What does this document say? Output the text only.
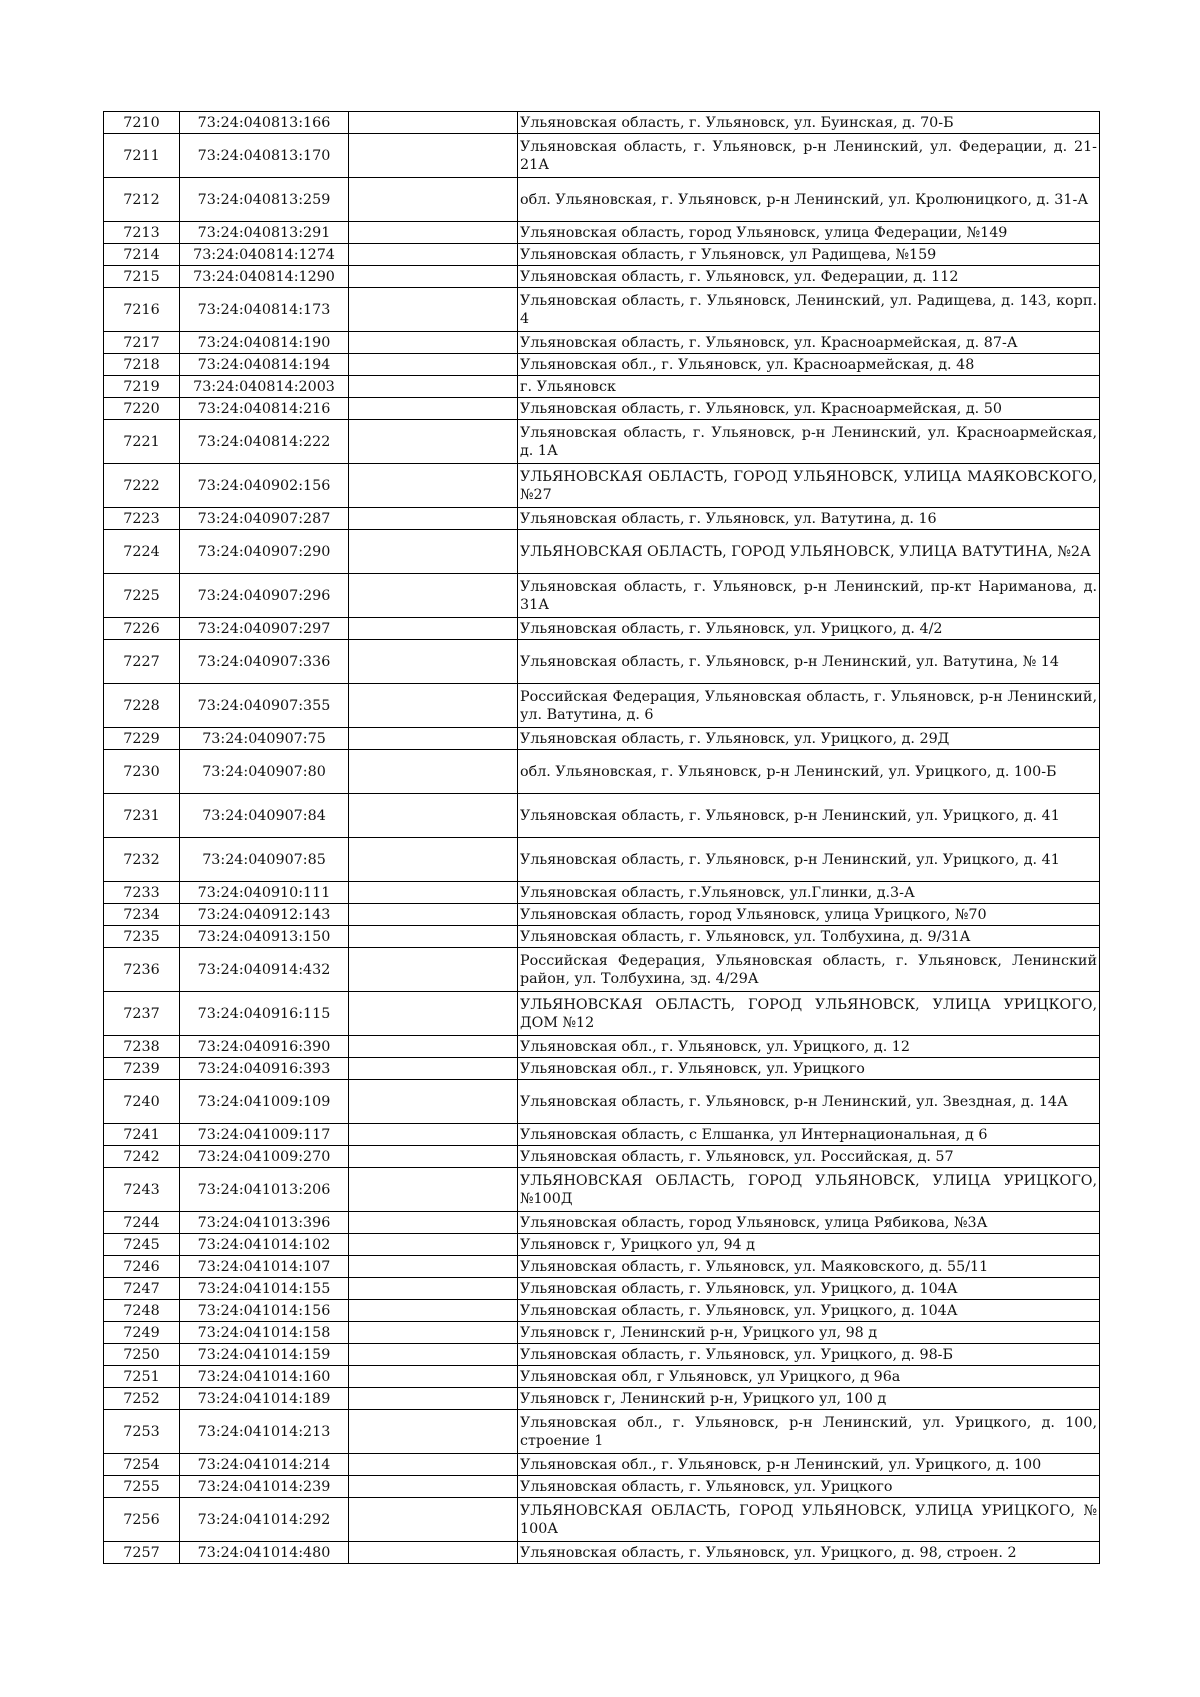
7210	73:24:040813:166		Ульяновская область, г. Ульяновск, ул. Буинская, д. 70-Б
7211	73:24:040813:170		Ульяновская область, г. Ульяновск, р-н Ленинский, ул. Федерации, д. 21-21А
7212	73:24:040813:259		обл. Ульяновская, г. Ульяновск, р-н Ленинский, ул. Кролюницкого, д. 31-А
7213	73:24:040813:291		Ульяновская область, город Ульяновск, улица Федерации, №149
7214	73:24:040814:1274		Ульяновская область, г Ульяновск, ул Радищева, №159
7215	73:24:040814:1290		Ульяновская область, г. Ульяновск, ул. Федерации, д. 112
7216	73:24:040814:173		Ульяновская область, г. Ульяновск, Ленинский, ул. Радищева, д. 143, корп. 4
7217	73:24:040814:190		Ульяновская область, г. Ульяновск, ул. Красноармейская, д. 87-А
7218	73:24:040814:194		Ульяновская обл., г. Ульяновск, ул. Красноармейская, д. 48
7219	73:24:040814:2003		г. Ульяновск
7220	73:24:040814:216		Ульяновская область, г. Ульяновск, ул. Красноармейская, д. 50
7221	73:24:040814:222		Ульяновская область, г. Ульяновск, р-н Ленинский, ул. Красноармейская, д. 1А
7222	73:24:040902:156		УЛЬЯНОВСКАЯ ОБЛАСТЬ, ГОРОД УЛЬЯНОВСК, УЛИЦА МАЯКОВСКОГО, №27
7223	73:24:040907:287		Ульяновская область, г. Ульяновск, ул. Ватутина, д. 16
7224	73:24:040907:290		УЛЬЯНОВСКАЯ ОБЛАСТЬ, ГОРОД УЛЬЯНОВСК, УЛИЦА ВАТУТИНА, №2А
7225	73:24:040907:296		Ульяновская область, г. Ульяновск, р-н Ленинский, пр-кт Нариманова, д. 31А
7226	73:24:040907:297		Ульяновская область, г. Ульяновск, ул. Урицкого, д. 4/2
7227	73:24:040907:336		Ульяновская область, г. Ульяновск, р-н Ленинский, ул. Ватутина, № 14
7228	73:24:040907:355		Российская Федерация, Ульяновская область, г. Ульяновск, р-н Ленинский, ул. Ватутина, д. 6
7229	73:24:040907:75		Ульяновская область, г. Ульяновск, ул. Урицкого, д. 29Д
7230	73:24:040907:80		обл. Ульяновская, г. Ульяновск, р-н Ленинский, ул. Урицкого, д. 100-Б
7231	73:24:040907:84		Ульяновская область, г. Ульяновск, р-н Ленинский, ул. Урицкого, д. 41
7232	73:24:040907:85		Ульяновская область, г. Ульяновск, р-н Ленинский, ул. Урицкого, д. 41
7233	73:24:040910:111		Ульяновская область, г.Ульяновск, ул.Глинки, д.3-А
7234	73:24:040912:143		Ульяновская область, город Ульяновск, улица Урицкого, №70
7235	73:24:040913:150		Ульяновская область, г. Ульяновск, ул. Толбухина, д. 9/31А
7236	73:24:040914:432		Российская Федерация, Ульяновская область, г. Ульяновск, Ленинский район, ул. Толбухина, зд. 4/29А
7237	73:24:040916:115		УЛЬЯНОВСКАЯ ОБЛАСТЬ, ГОРОД УЛЬЯНОВСК, УЛИЦА УРИЦКОГО, ДОМ №12
7238	73:24:040916:390		Ульяновская обл., г. Ульяновск, ул. Урицкого, д. 12
7239	73:24:040916:393		Ульяновская обл., г. Ульяновск, ул. Урицкого
7240	73:24:041009:109		Ульяновская область, г. Ульяновск, р-н Ленинский, ул. Звездная, д. 14А
7241	73:24:041009:117		Ульяновская область, с Елшанка, ул Интернациональная, д 6
7242	73:24:041009:270		Ульяновская область, г. Ульяновск, ул. Российская, д. 57
7243	73:24:041013:206		УЛЬЯНОВСКАЯ ОБЛАСТЬ, ГОРОД УЛЬЯНОВСК, УЛИЦА УРИЦКОГО, №100Д
7244	73:24:041013:396		Ульяновская область, город Ульяновск, улица Рябикова, №3А
7245	73:24:041014:102		Ульяновск г, Урицкого ул, 94 д
7246	73:24:041014:107		Ульяновская область, г. Ульяновск, ул. Маяковского, д. 55/11
7247	73:24:041014:155		Ульяновская область, г. Ульяновск, ул. Урицкого, д. 104А
7248	73:24:041014:156		Ульяновская область, г. Ульяновск, ул. Урицкого, д. 104А
7249	73:24:041014:158		Ульяновск г, Ленинский р-н, Урицкого ул, 98 д
7250	73:24:041014:159		Ульяновская область, г. Ульяновск, ул. Урицкого, д. 98-Б
7251	73:24:041014:160		Ульяновская обл, г Ульяновск, ул Урицкого, д 96а
7252	73:24:041014:189		Ульяновск г, Ленинский р-н, Урицкого ул, 100 д
7253	73:24:041014:213		Ульяновская обл., г. Ульяновск, р-н Ленинский, ул. Урицкого, д. 100, строение 1
7254	73:24:041014:214		Ульяновская обл., г. Ульяновск, р-н Ленинский, ул. Урицкого, д. 100
7255	73:24:041014:239		Ульяновская область, г. Ульяновск, ул. Урицкого
7256	73:24:041014:292		УЛЬЯНОВСКАЯ ОБЛАСТЬ, ГОРОД УЛЬЯНОВСК, УЛИЦА УРИЦКОГО, № 100А
7257	73:24:041014:480		Ульяновская область, г. Ульяновск, ул. Урицкого, д. 98, строен. 2
